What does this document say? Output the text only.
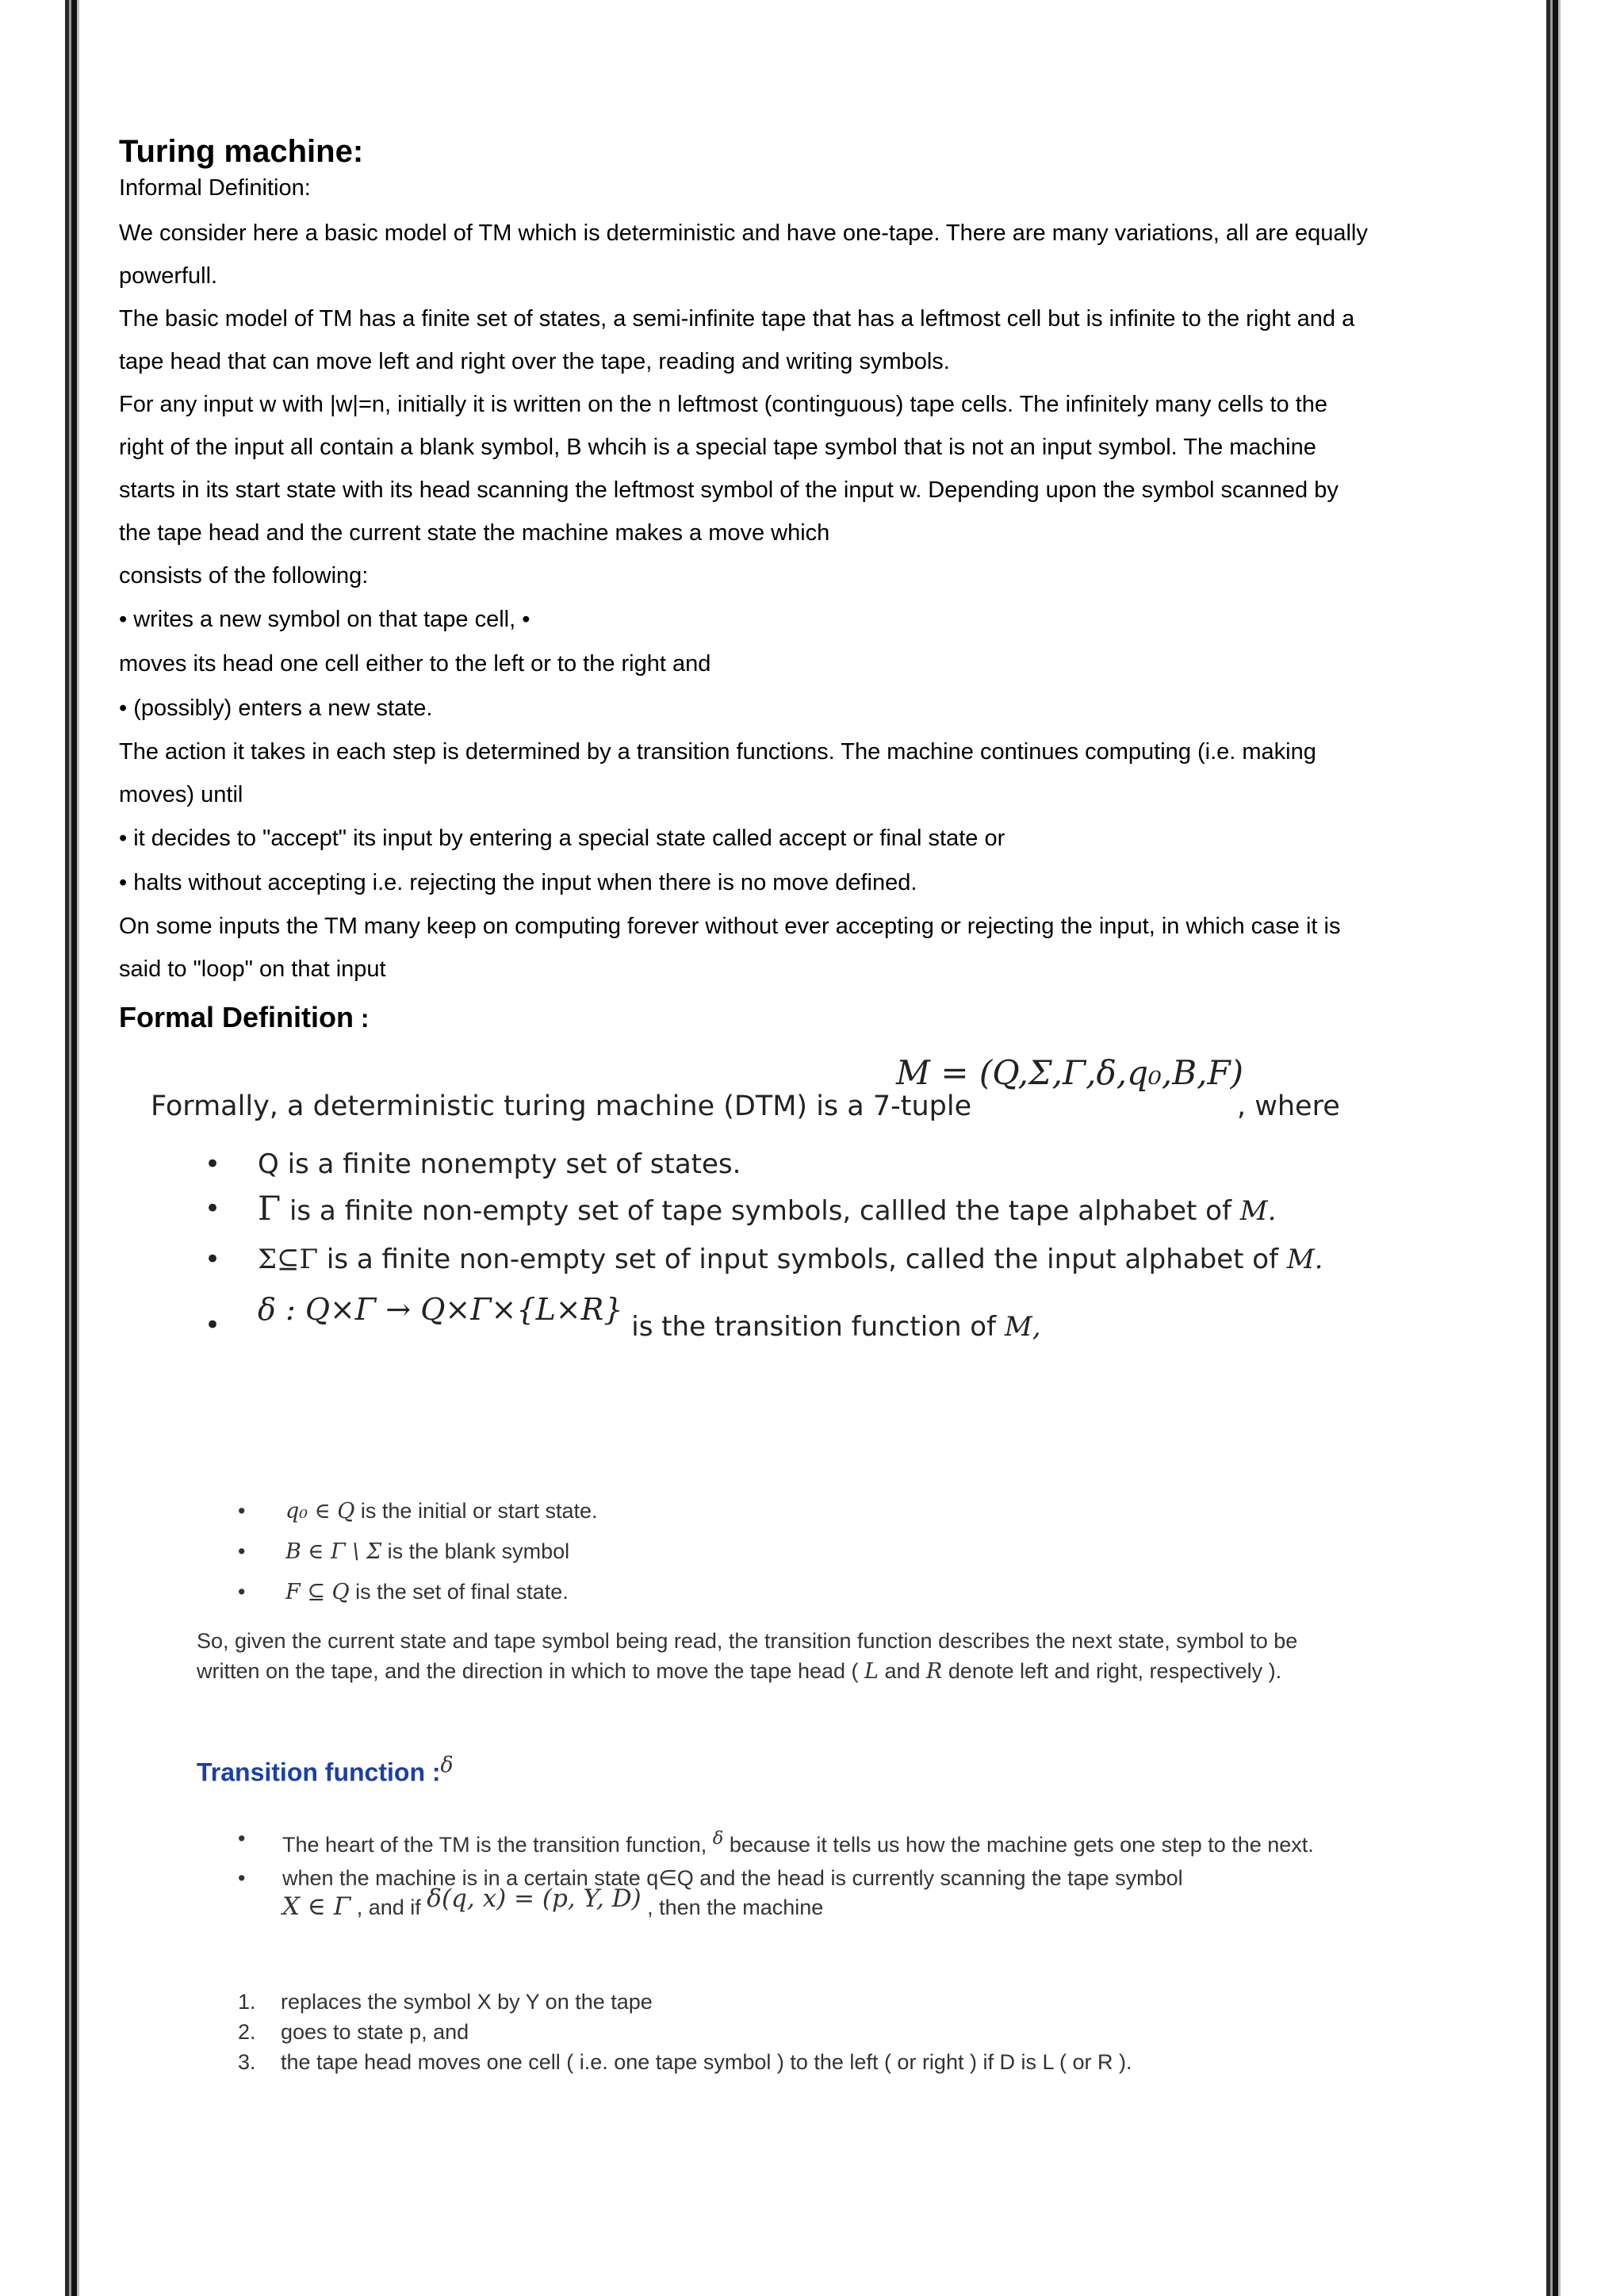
Turing machine:
Informal Definition:

We consider here a basic model of TM which is deterministic and have one-tape. There are many variations, all are equally powerfull.

The basic model of TM has a finite set of states, a semi-infinite tape that has a leftmost cell but is infinite to the right and a tape head that can move left and right over the tape, reading and writing symbols.

For any input w with |w|=n, initially it is written on the n leftmost (continguous) tape cells. The infinitely many cells to the right of the input all contain a blank symbol, B whcih is a special tape symbol that is not an input symbol. The machine starts in its start state with its head scanning the leftmost symbol of the input w. Depending upon the symbol scanned by the tape head and the current state the machine makes a move which

consists of the following:

• writes a new symbol on that tape cell, •
moves its head one cell either to the left or to the right and
• (possibly) enters a new state.

The action it takes in each step is determined by a transition functions. The machine continues computing (i.e. making moves) until

• it decides to "accept" its input by entering a special state called accept or final state or
• halts without accepting i.e. rejecting the input when there is no move defined.

On some inputs the TM many keep on computing forever without ever accepting or rejecting the input, in which case it is said to "loop" on that input

Formal Definition :
Formally, a deterministic turing machine (DTM) is a 7-tuple
M = (Q,Σ,Γ,δ,q₀,B,F)
, where
• Q is a finite nonempty set of states.
• Γ is a finite non-empty set of tape symbols, callled the tape alphabet of M.
• Σ⊆Γ is a finite non-empty set of input symbols, called the input alphabet of M.
• δ : Q×Γ → Q×Γ×{L×R} is the transition function of M,
• q₀ ∈ Q is the initial or start state.
• B ∈ Γ \ Σ is the blank symbol
• F ⊆ Q is the set of final state.
So, given the current state and tape symbol being read, the transition function describes the next state, symbol to be written on the tape, and the direction in which to move the tape head ( L and R denote left and right, respectively ).
Transition function :$^\delta$
• The heart of the TM is the transition function, $^\delta$ because it tells us how the machine gets one step to the next.
• when the machine is in a certain state q∈Q and the head is currently scanning the tape symbol
X ∈ Γ , and if δ(q, x) = (p, Y, D) , then the machine
1.	replaces the symbol X by Y on the tape
2.	goes to state p, and
3.	the tape head moves one cell ( i.e. one tape symbol ) to the left ( or right ) if D is L ( or R ).
